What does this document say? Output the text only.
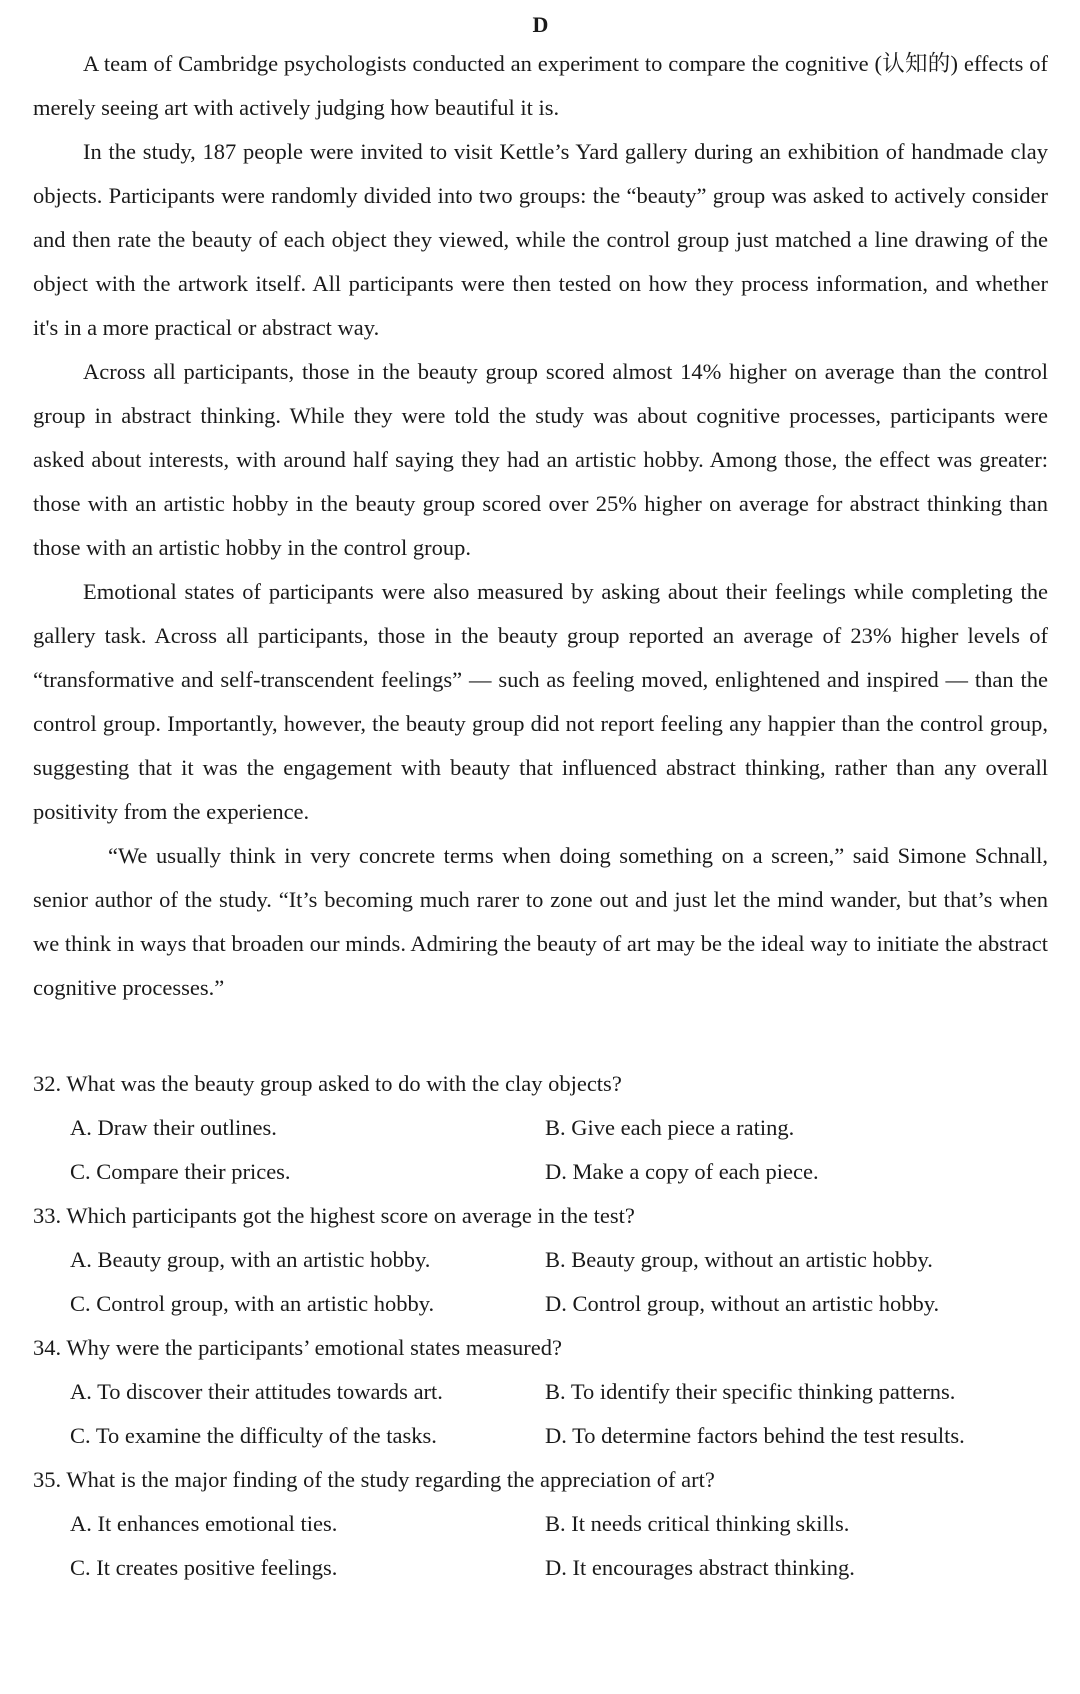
D

A team of Cambridge psychologists conducted an experiment to compare the cognitive (认知的) effects of merely seeing art with actively judging how beautiful it is.

In the study, 187 people were invited to visit Kettle’s Yard gallery during an exhibition of handmade clay objects. Participants were randomly divided into two groups: the “beauty” group was asked to actively consider and then rate the beauty of each object they viewed, while the control group just matched a line drawing of the object with the artwork itself. All participants were then tested on how they process information, and whether it's in a more practical or abstract way.

Across all participants, those in the beauty group scored almost 14% higher on average than the control group in abstract thinking. While they were told the study was about cognitive processes, participants were asked about interests, with around half saying they had an artistic hobby. Among those, the effect was greater: those with an artistic hobby in the beauty group scored over 25% higher on average for abstract thinking than those with an artistic hobby in the control group.

Emotional states of participants were also measured by asking about their feelings while completing the gallery task. Across all participants, those in the beauty group reported an average of 23% higher levels of “transformative and self-transcendent feelings” — such as feeling moved, enlightened and inspired — than the control group. Importantly, however, the beauty group did not report feeling any happier than the control group, suggesting that it was the engagement with beauty that influenced abstract thinking, rather than any overall positivity from the experience.

“We usually think in very concrete terms when doing something on a screen,” said Simone Schnall, senior author of the study. “It’s becoming much rarer to zone out and just let the mind wander, but that’s when we think in ways that broaden our minds. Admiring the beauty of art may be the ideal way to initiate the abstract cognitive processes.”

32. What was the beauty group asked to do with the clay objects?
A. Draw their outlines.	B. Give each piece a rating.
C. Compare their prices.	D. Make a copy of each piece.
33. Which participants got the highest score on average in the test?
A. Beauty group, with an artistic hobby.	B. Beauty group, without an artistic hobby.
C. Control group, with an artistic hobby.	D. Control group, without an artistic hobby.
34. Why were the participants’ emotional states measured?
A. To discover their attitudes towards art.	B. To identify their specific thinking patterns.
C. To examine the difficulty of the tasks.	D. To determine factors behind the test results.
35. What is the major finding of the study regarding the appreciation of art?
A. It enhances emotional ties.	B. It needs critical thinking skills.
C. It creates positive feelings.	D. It encourages abstract thinking.
